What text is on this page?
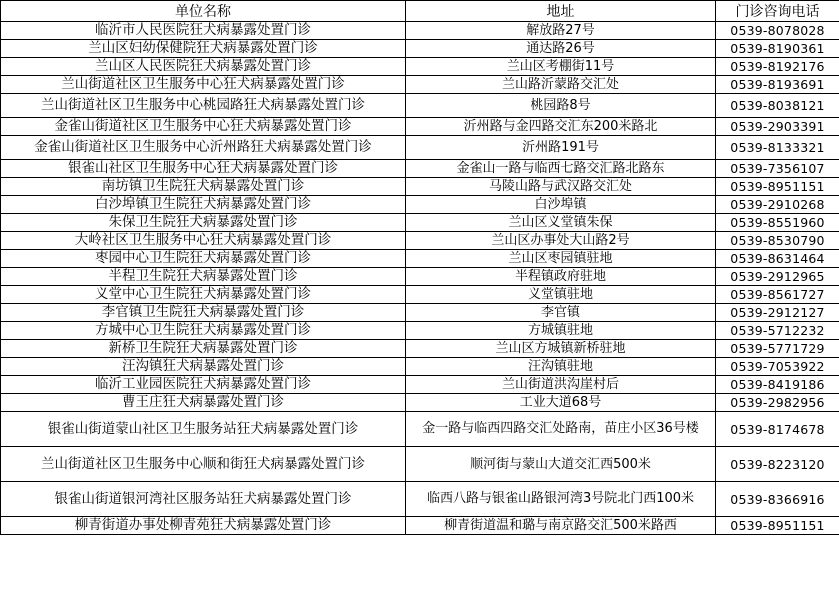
单位名称	地址	门诊咨询电话
临沂市人民医院狂犬病暴露处置门诊	解放路27号	0539-8078028
兰山区妇幼保健院狂犬病暴露处置门诊	通达路26号	0539-8190361
兰山区人民医院狂犬病暴露处置门诊	兰山区考棚街11号	0539-8192176
兰山街道社区卫生服务中心狂犬病暴露处置门诊	兰山路沂蒙路交汇处	0539-8193691
兰山街道社区卫生服务中心桃园路狂犬病暴露处置门诊	桃园路8号	0539-8038121
金雀山街道社区卫生服务中心狂犬病暴露处置门诊	沂州路与金四路交汇东200米路北	0539-2903391
金雀山街道社区卫生服务中心沂州路狂犬病暴露处置门诊	沂州路191号	0539-8133321
银雀山社区卫生服务中心狂犬病暴露处置门诊	金雀山一路与临西七路交汇路北路东	0539-7356107
南坊镇卫生院狂犬病暴露处置门诊	马陵山路与武汉路交汇处	0539-8951151
白沙埠镇卫生院狂犬病暴露处置门诊	白沙埠镇	0539-2910268
朱保卫生院狂犬病暴露处置门诊	兰山区义堂镇朱保	0539-8551960
大岭社区卫生服务中心狂犬病暴露处置门诊	兰山区办事处大山路2号	0539-8530790
枣园中心卫生院狂犬病暴露处置门诊	兰山区枣园镇驻地	0539-8631464
半程卫生院狂犬病暴露处置门诊	半程镇政府驻地	0539-2912965
义堂中心卫生院狂犬病暴露处置门诊	义堂镇驻地	0539-8561727
李官镇卫生院狂犬病暴露处置门诊	李官镇	0539-2912127
方城中心卫生院狂犬病暴露处置门诊	方城镇驻地	0539-5712232
新桥卫生院狂犬病暴露处置门诊	兰山区方城镇新桥驻地	0539-5771729
汪沟镇狂犬病暴露处置门诊	汪沟镇驻地	0539-7053922
临沂工业园医院狂犬病暴露处置门诊	兰山街道洪沟崖村后	0539-8419186
曹王庄狂犬病暴露处置门诊	工业大道68号	0539-2982956
银雀山街道蒙山社区卫生服务站狂犬病暴露处置门诊	金一路与临西四路交汇处路南，苗庄小区36号楼	0539-8174678
兰山街道社区卫生服务中心顺和街狂犬病暴露处置门诊	顺河街与蒙山大道交汇西500米	0539-8223120
银雀山街道银河湾社区服务站狂犬病暴露处置门诊	临西八路与银雀山路银河湾3号院北门西100米	0539-8366916
柳青街道办事处柳青苑狂犬病暴露处置门诊	柳青街道温和璐与南京路交汇500米路西	0539-8951151
